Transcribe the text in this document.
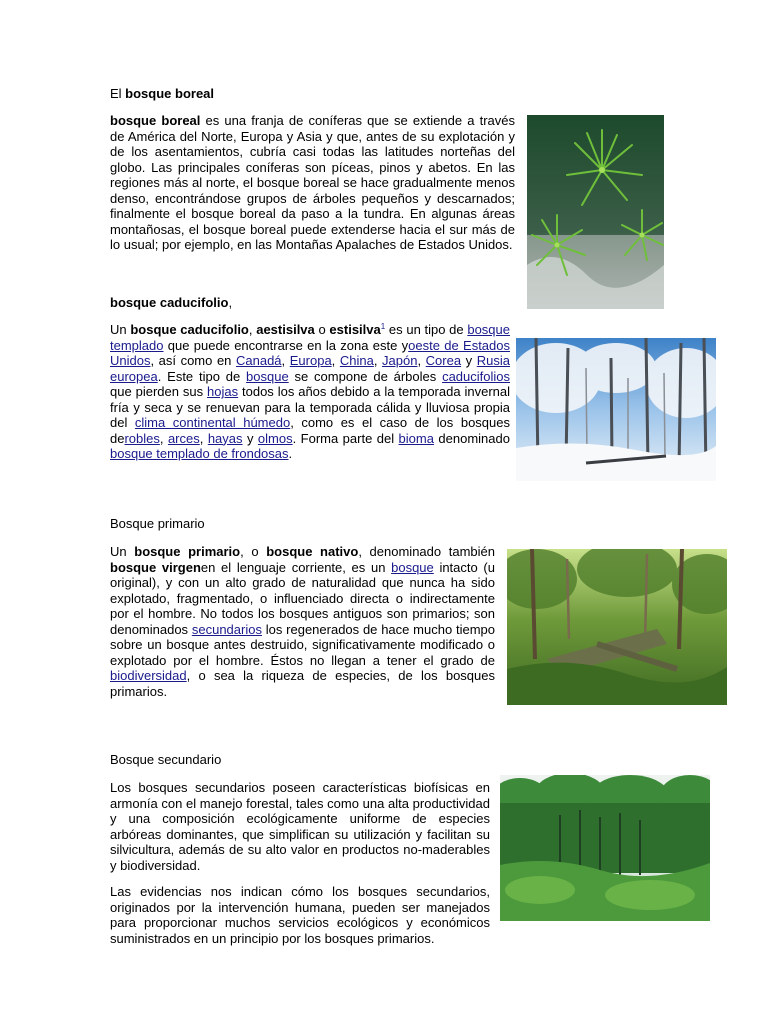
El bosque boreal

bosque boreal es una franja de coníferas que se extiende a través de América del Norte, Europa y Asia y que, antes de su explotación y de los asentamientos, cubría casi todas las latitudes norteñas del globo. Las principales coníferas son píceas, pinos y abetos. En las regiones más al norte, el bosque boreal se hace gradualmente menos denso, encontrándose grupos de árboles pequeños y descarnados; finalmente el bosque boreal da paso a la tundra. En algunas áreas montañosas, el bosque boreal puede extenderse hacia el sur más de lo usual; por ejemplo, en las Montañas Apalaches de Estados Unidos.

bosque caducifolio,

Un bosque caducifolio, aestisilva o estisilva$^1$ es un tipo de bosque templado que puede encontrarse en la zona este yoeste de Estados Unidos, así como en Canadá, Europa, China, Japón, Corea y Rusia europea. Este tipo de bosque se compone de árboles caducifolios que pierden sus hojas todos los años debido a la temporada invernal fría y seca y se renuevan para la temporada cálida y lluviosa propia del clima continental húmedo, como es el caso de los bosques derobles, arces, hayas y olmos. Forma parte del bioma denominado bosque templado de frondosas.

Bosque primario

Un bosque primario, o bosque nativo, denominado también bosque virgenen el lenguaje corriente, es un bosque intacto (u original), y con un alto grado de naturalidad que nunca ha sido explotado, fragmentado, o influenciado directa o indirectamente por el hombre. No todos los bosques antiguos son primarios; son denominados secundarios los regenerados de hace mucho tiempo sobre un bosque antes destruido, significativamente modificado o explotado por el hombre. Éstos no llegan a tener el grado de biodiversidad, o sea la riqueza de especies, de los bosques primarios.

Bosque secundario

Los bosques secundarios poseen características biofísicas en armonía con el manejo forestal, tales como una alta productividad y una composición ecológicamente uniforme de especies arbóreas dominantes, que simplifican su utilización y facilitan su silvicultura, además de su alto valor en productos no-maderables y biodiversidad.

Las evidencias nos indican cómo los bosques secundarios, originados por la intervención humana, pueden ser manejados para proporcionar muchos servicios ecológicos y económicos suministrados en un principio por los bosques primarios.
